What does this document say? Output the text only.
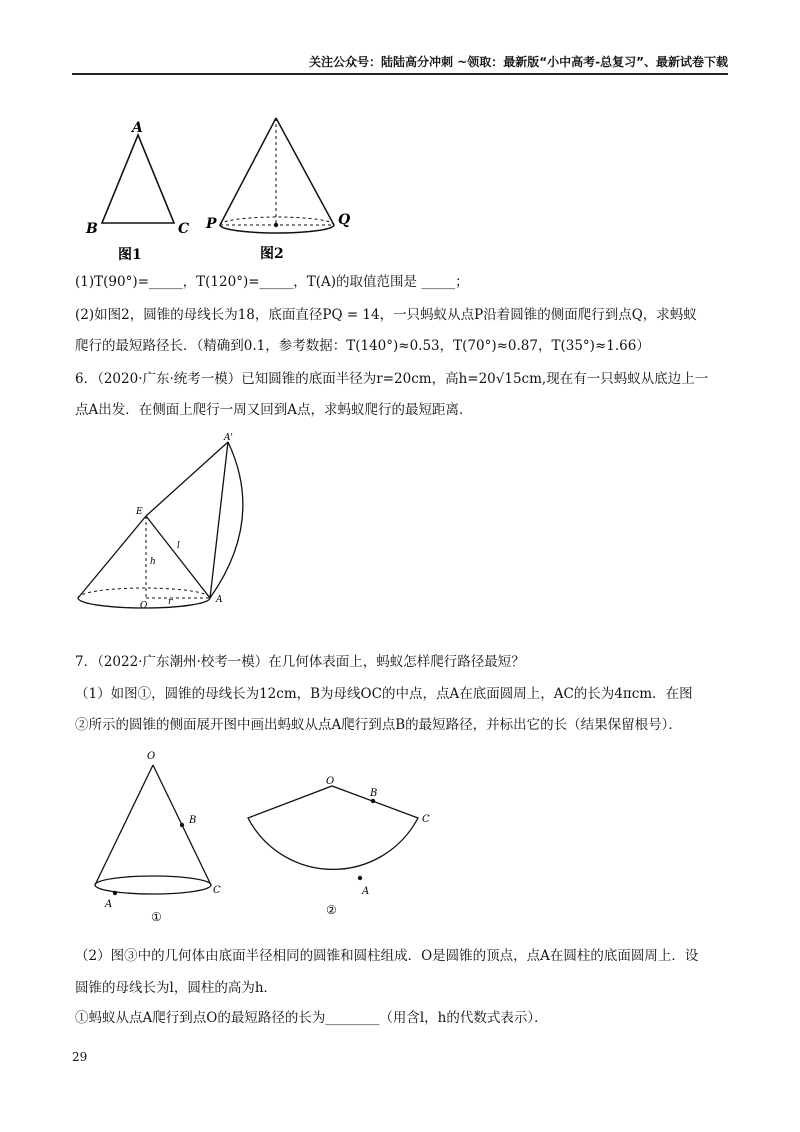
关注公众号：陆陆高分冲刺 ~领取：最新版“小中高考-总复习”、最新试卷下载
A
B	C
图1
P	Q
图2
(1)T(90°)=_____，T(120°)=_____，T(A)的取值范围是 _____；
(2)如图2，圆锥的母线长为18，底面直径PQ = 14，一只蚂蚁从点P沿着圆锥的侧面爬行到点Q，求蚂蚁
爬行的最短路径长．（精确到0.1，参考数据：T(140°)≈0.53，T(70°)≈0.87，T(35°)≈1.66）
6．（2020·广东·统考一模）已知圆锥的底面半径为r=20cm，高h=20√15cm,现在有一只蚂蚁从底边上一
点A出发．在侧面上爬行一周又回到A点，求蚂蚁爬行的最短距离．
E
A'
A
l
h
O r
7．（2022·广东潮州·校考一模）在几何体表面上，蚂蚁怎样爬行路径最短？
（1）如图①，圆锥的母线长为12cm，B为母线OC的中点，点A在底面圆周上，AC的长为4πcm．在图
②所示的圆锥的侧面展开图中画出蚂蚁从点A爬行到点B的最短路径，并标出它的长（结果保留根号）．
O
B
A
C
①
O
B
C
A
②
（2）图③中的几何体由底面半径相同的圆锥和圆柱组成．O是圆锥的顶点，点A在圆柱的底面圆周上．设
圆锥的母线长为l，圆柱的高为h．
①蚂蚁从点A爬行到点O的最短路径的长为________（用含l，h的代数式表示）．
29
